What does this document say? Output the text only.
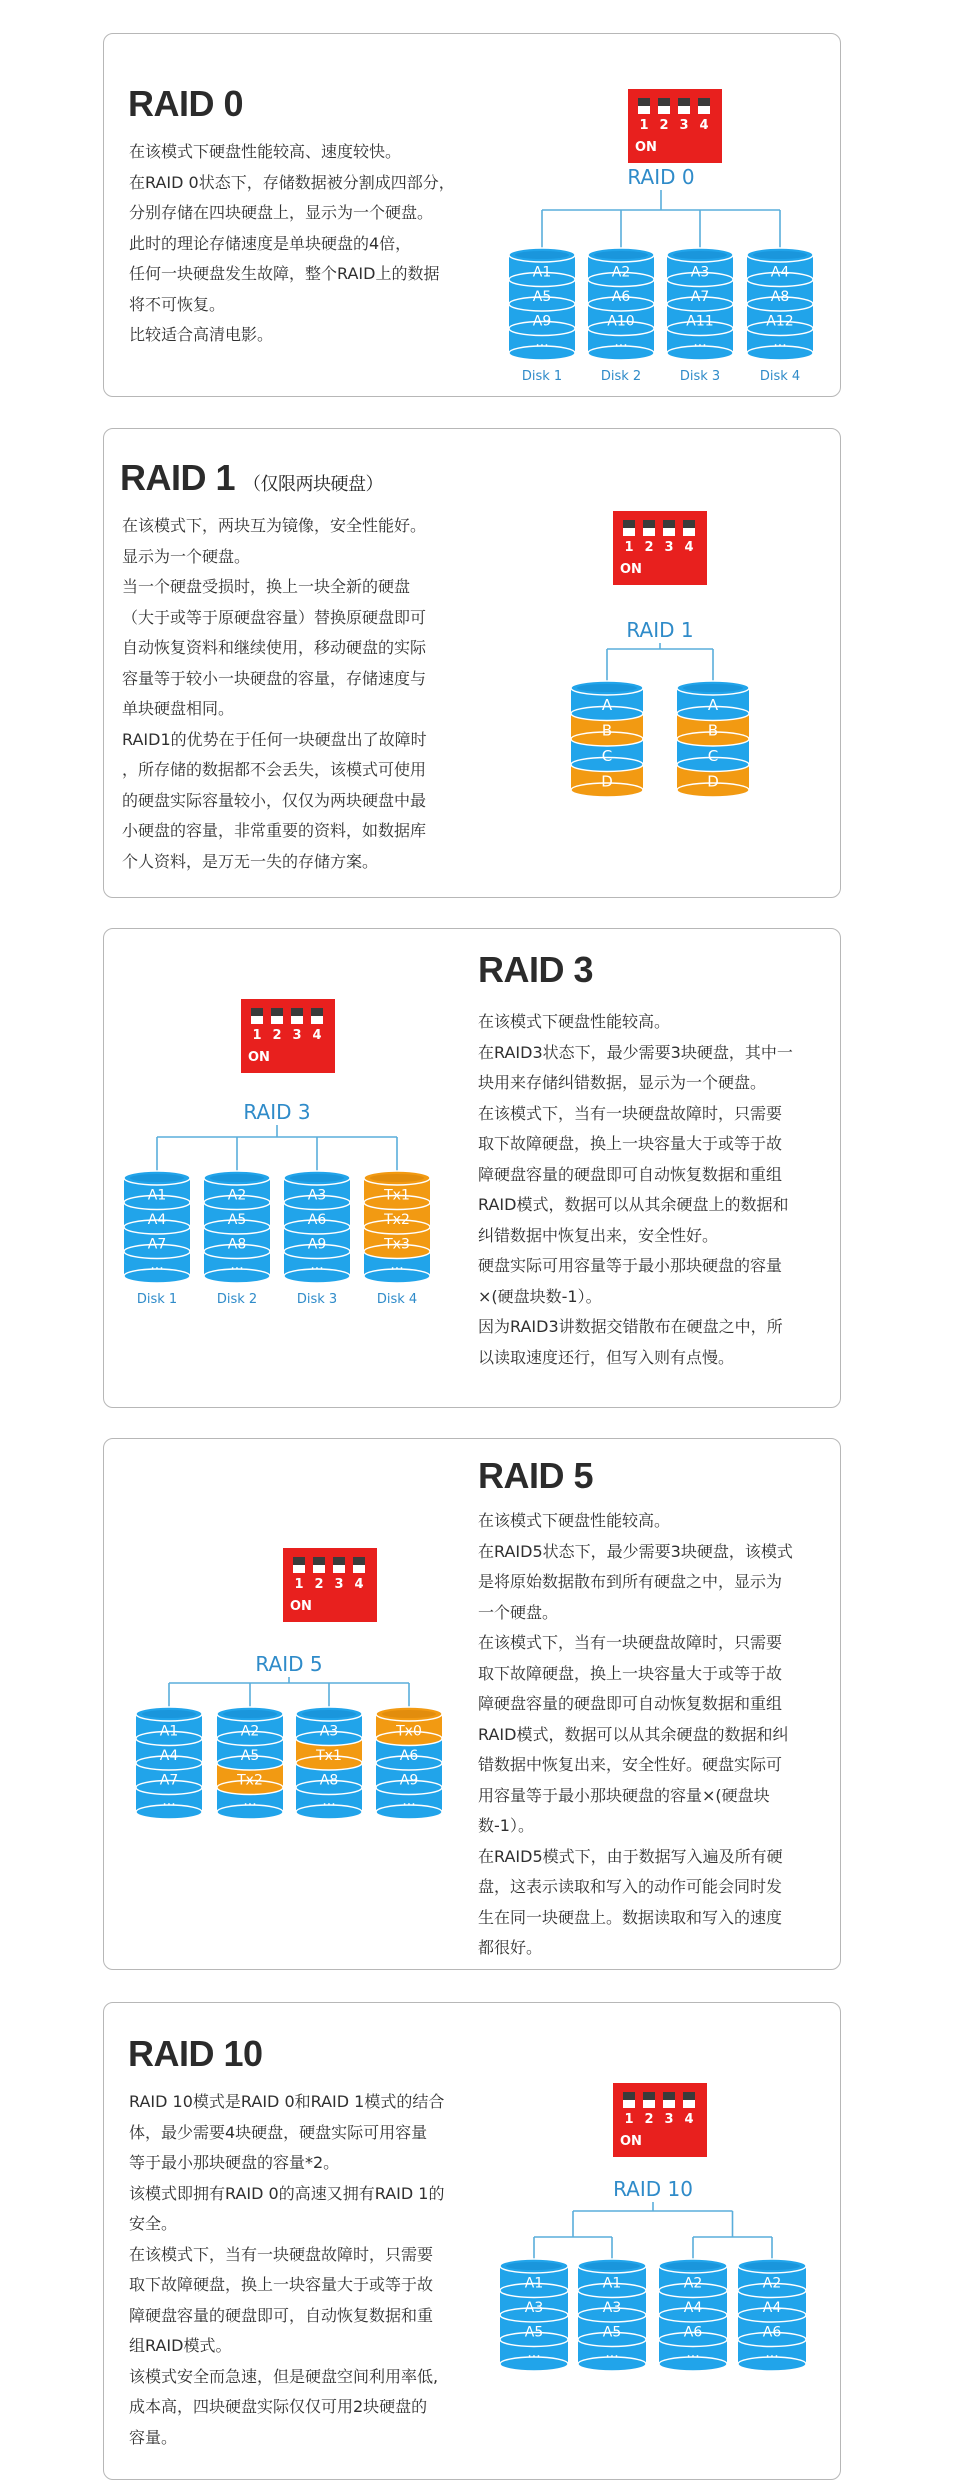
RAID 0

在该模式下硬盘性能较高、速度较快。

在RAID 0状态下，存储数据被分割成四部分，

分别存储在四块硬盘上，显示为一个硬盘。

此时的理论存储速度是单块硬盘的4倍，

任何一块硬盘发生故障，整个RAID上的数据

将不可恢复。

比较适合高清电影。

1 2 3 4
ON
RAID 0
···
A9
A5
A1
Disk 1
···
A10
A6
A2
Disk 2
···
A11
A7
A3
Disk 3
···
A12
A8
A4
Disk 4
RAID 1 （仅限两块硬盘）

在该模式下，两块互为镜像，安全性能好。

显示为一个硬盘。

当一个硬盘受损时，换上一块全新的硬盘

（大于或等于原硬盘容量）替换原硬盘即可

自动恢复资料和继续使用，移动硬盘的实际

容量等于较小一块硬盘的容量，存储速度与

单块硬盘相同。

RAID1的优势在于任何一块硬盘出了故障时

，所存储的数据都不会丢失，该模式可使用

的硬盘实际容量较小，仅仅为两块硬盘中最

小硬盘的容量，非常重要的资料，如数据库

个人资料，是万无一失的存储方案。

1 2 3 4
ON
RAID 1
D
C
B
A
D
C
B
A
RAID 3

在该模式下硬盘性能较高。

在RAID3状态下，最少需要3块硬盘，其中一

块用来存储纠错数据，显示为一个硬盘。

在该模式下，当有一块硬盘故障时，只需要

取下故障硬盘，换上一块容量大于或等于故

障硬盘容量的硬盘即可自动恢复数据和重组

RAID模式，数据可以从其余硬盘上的数据和

纠错数据中恢复出来，安全性好。

硬盘实际可用容量等于最小那块硬盘的容量

×(硬盘块数-1）。

因为RAID3讲数据交错散布在硬盘之中，所

以读取速度还行，但写入则有点慢。

1 2 3 4
ON
RAID 3
···
A7
A4
A1
Disk 1
···
A8
A5
A2
Disk 2
···
A9
A6
A3
Disk 3
···
Tx3
Tx2
Tx1
Disk 4
RAID 5

在该模式下硬盘性能较高。

在RAID5状态下，最少需要3块硬盘，该模式

是将原始数据散布到所有硬盘之中，显示为

一个硬盘。

在该模式下，当有一块硬盘故障时，只需要

取下故障硬盘，换上一块容量大于或等于故

障硬盘容量的硬盘即可自动恢复数据和重组

RAID模式，数据可以从其余硬盘的数据和纠

错数据中恢复出来，安全性好。硬盘实际可

用容量等于最小那块硬盘的容量×(硬盘块

数-1）。

在RAID5模式下，由于数据写入遍及所有硬

盘，这表示读取和写入的动作可能会同时发

生在同一块硬盘上。数据读取和写入的速度

都很好。

1 2 3 4
ON
RAID 5
···
A7
A4
A1
···
Tx2
A5
A2
···
A8
Tx1
A3
···
A9
A6
Tx0
RAID 10

RAID 10模式是RAID 0和RAID 1模式的结合

体，最少需要4块硬盘，硬盘实际可用容量

等于最小那块硬盘的容量*2。

该模式即拥有RAID 0的高速又拥有RAID 1的

安全。

在该模式下，当有一块硬盘故障时，只需要

取下故障硬盘，换上一块容量大于或等于故

障硬盘容量的硬盘即可，自动恢复数据和重

组RAID模式。

该模式安全而急速，但是硬盘空间利用率低,

成本高，四块硬盘实际仅仅可用2块硬盘的

容量。

1 2 3 4
ON
RAID 10
···
A5
A3
A1
···
A5
A3
A1
···
A6
A4
A2
···
A6
A4
A2
